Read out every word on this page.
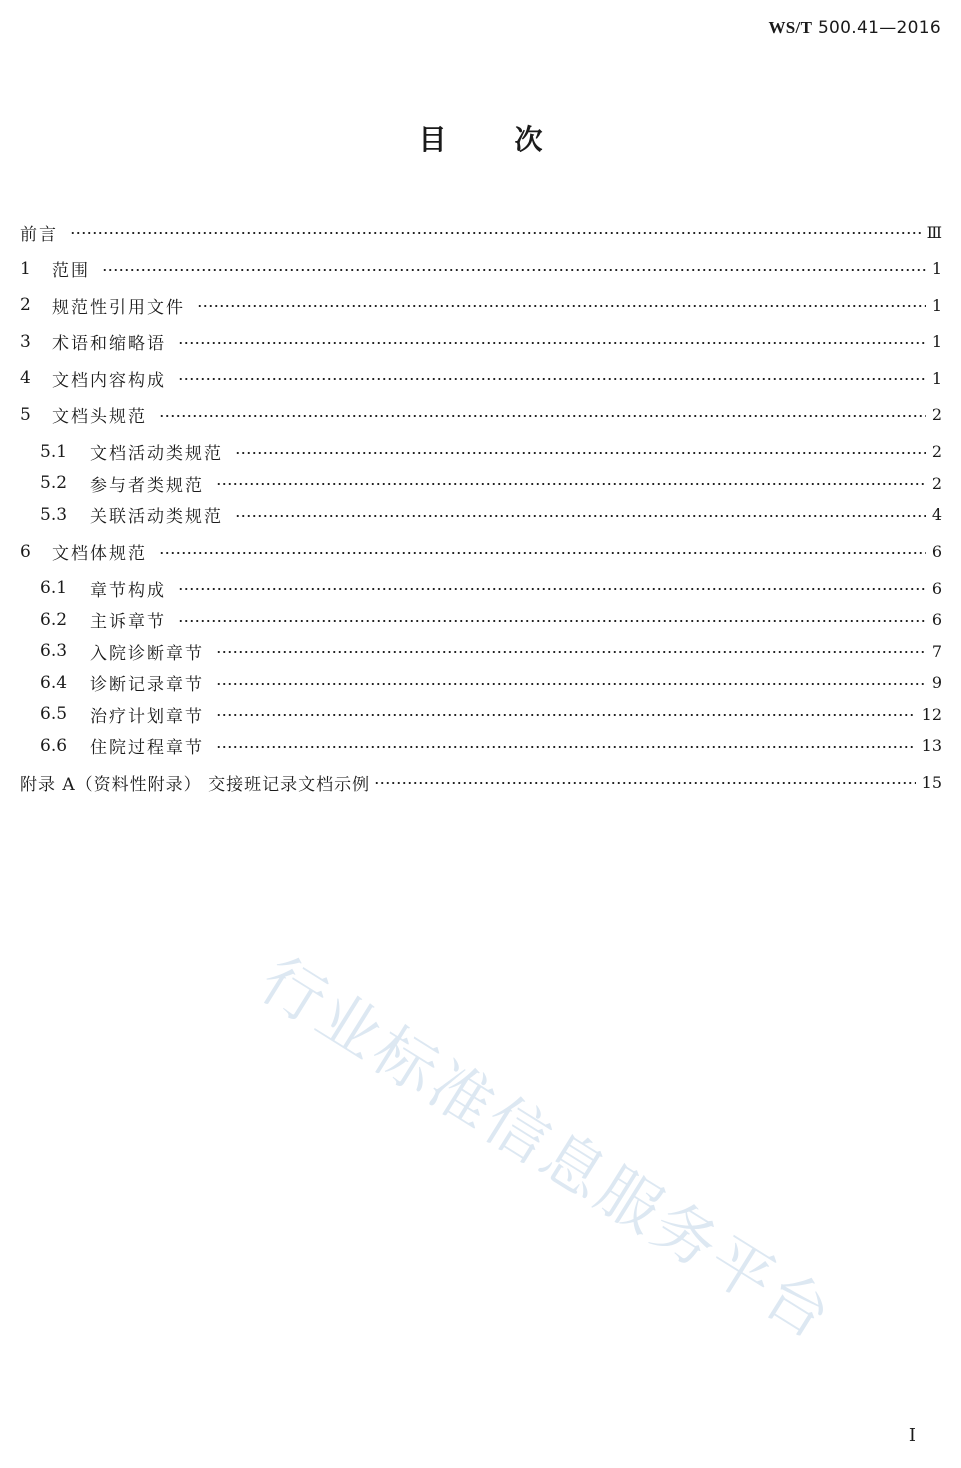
WS/T 500.41—2016
目 次
前言	Ⅲ
1	范围	1
2	规范性引用文件	1
3	术语和缩略语	1
4	文档内容构成	1
5	文档头规范	2
5.1	文档活动类规范	2
5.2	参与者类规范	2
5.3	关联活动类规范	4
6	文档体规范	6
6.1	章节构成	6
6.2	主诉章节	6
6.3	入院诊断章节	7
6.4	诊断记录章节	9
6.5	治疗计划章节	12
6.6	住院过程章节	13
附录 A（资料性附录） 交接班记录文档示例	15
行业标准信息服务平台
I
